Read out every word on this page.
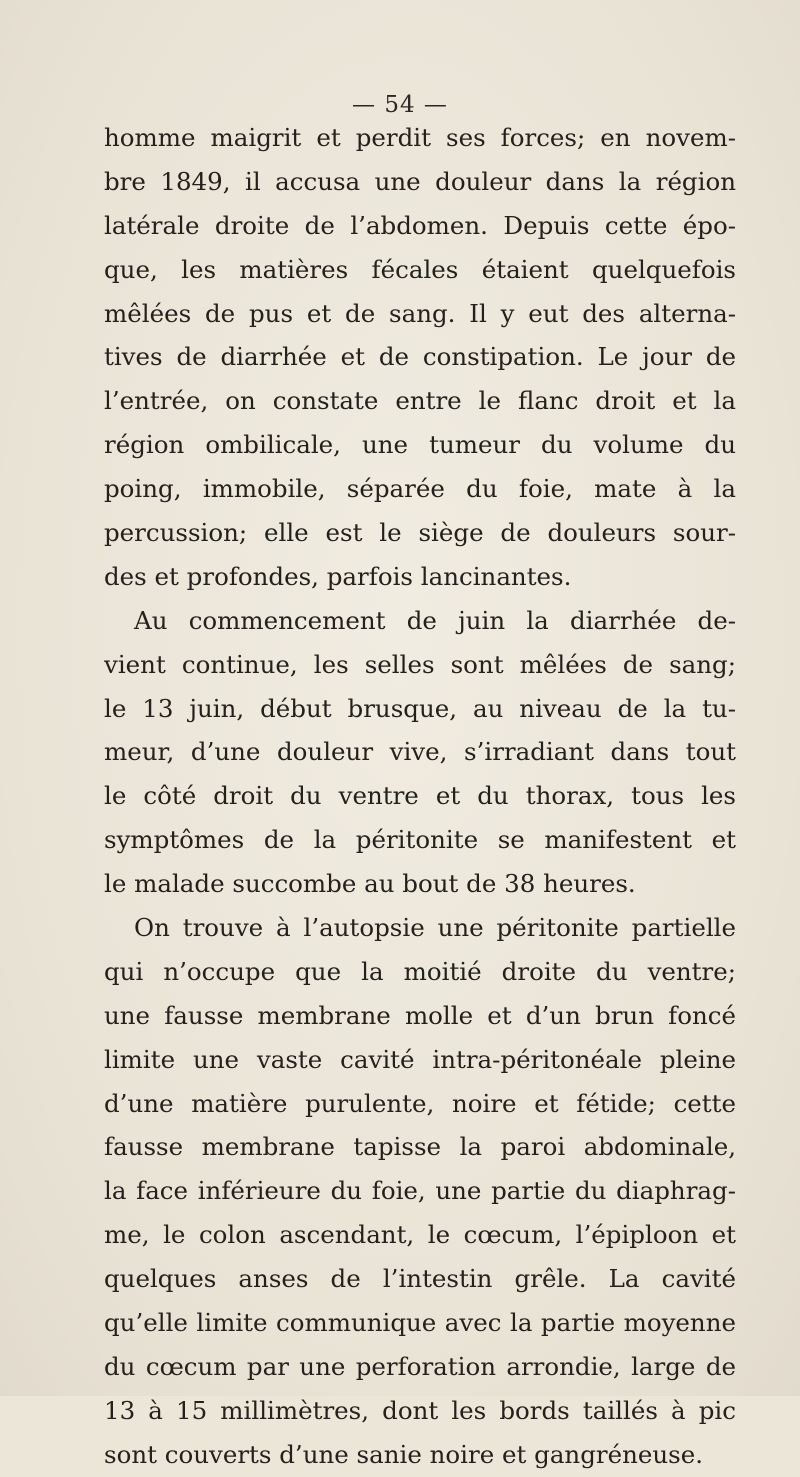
— 54 —
homme maigrit et perdit ses forces; en novem-
bre 1849, il accusa une douleur dans la région
latérale droite de l’abdomen. Depuis cette épo-
que, les matières fécales étaient quelquefois
mêlées de pus et de sang. Il y eut des alterna-
tives de diarrhée et de constipation. Le jour de
l’entrée, on constate entre le flanc droit et la
région ombilicale, une tumeur du volume du
poing, immobile, séparée du foie, mate à la
percussion; elle est le siège de douleurs sour-
des et profondes, parfois lancinantes.
Au commencement de juin la diarrhée de-
vient continue, les selles sont mêlées de sang;
le 13 juin, début brusque, au niveau de la tu-
meur, d’une douleur vive, s’irradiant dans tout
le côté droit du ventre et du thorax, tous les
symptômes de la péritonite se manifestent et
le malade succombe au bout de 38 heures.
On trouve à l’autopsie une péritonite partielle
qui n’occupe que la moitié droite du ventre;
une fausse membrane molle et d’un brun foncé
limite une vaste cavité intra-péritonéale pleine
d’une matière purulente, noire et fétide; cette
fausse membrane tapisse la paroi abdominale,
la face inférieure du foie, une partie du diaphrag-
me, le colon ascendant, le cœcum, l’épiploon et
quelques anses de l’intestin grêle. La cavité
qu’elle limite communique avec la partie moyenne
du cœcum par une perforation arrondie, large de
13 à 15 millimètres, dont les bords taillés à pic
sont couverts d’une sanie noire et gangréneuse.
